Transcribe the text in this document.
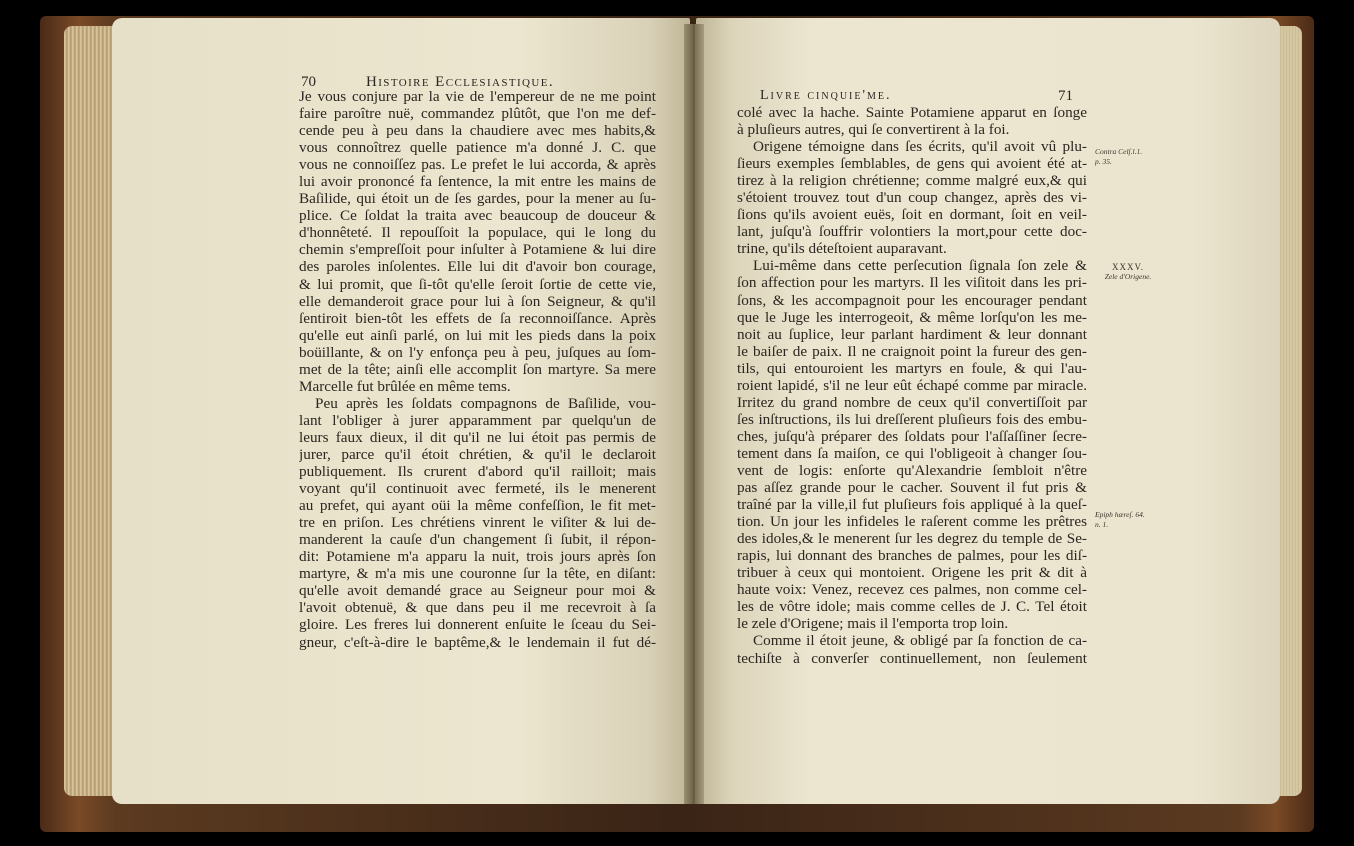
70	Histoire Ecclesiastique.
Je vous conjure par la vie de l'empereur de ne me point
faire paroître nuë, commandez plûtôt, que l'on me def-
cende peu à peu dans la chaudiere avec mes habits,&
vous connoîtrez quelle patience m'a donné J. C. que
vous ne connoiſſez pas. Le prefet le lui accorda, & après
lui avoir prononcé fa ſentence, la mit entre les mains de
Baſilide, qui étoit un de ſes gardes, pour la mener au ſu-
plice. Ce ſoldat la traita avec beaucoup de douceur &
d'honnêteté. Il repouſſoit la populace, qui le long du
chemin s'empreſſoit pour inſulter à Potamiene & lui dire
des paroles inſolentes. Elle lui dit d'avoir bon courage,
& lui promit, que ſi-tôt qu'elle ſeroit ſortie de cette vie,
elle demanderoit grace pour lui à ſon Seigneur, & qu'il
ſentiroit bien-tôt les effets de ſa reconnoiſſance. Après
qu'elle eut ainſi parlé, on lui mit les pieds dans la poix
boüillante, & on l'y enfonça peu à peu, juſques au ſom-
met de la tête; ainſi elle accomplit ſon martyre. Sa mere
Marcelle fut brûlée en même tems.
Peu après les ſoldats compagnons de Baſilide, vou-
lant l'obliger à jurer apparamment par quelqu'un de
leurs faux dieux, il dit qu'il ne lui étoit pas permis de
jurer, parce qu'il étoit chrétien, & qu'il le declaroit
publiquement. Ils crurent d'abord qu'il railloit; mais
voyant qu'il continuoit avec fermeté, ils le menerent
au prefet, qui ayant oüi la même confeſſion, le fit met-
tre en priſon. Les chrétiens vinrent le viſiter & lui de-
manderent la cauſe d'un changement ſi ſubit, il répon-
dit: Potamiene m'a apparu la nuit, trois jours après ſon
martyre, & m'a mis une couronne ſur la tête, en diſant:
qu'elle avoit demandé grace au Seigneur pour moi &
l'avoit obtenuë, & que dans peu il me recevroit à ſa
gloire. Les freres lui donnerent enſuite le ſceau du Sei-
gneur, c'eſt-à-dire le baptême,& le lendemain il fut dé-
Livre cinquie'me.	71
colé avec la hache. Sainte Potamiene apparut en ſonge
à pluſieurs autres, qui ſe convertirent à la foi.
Origene témoigne dans ſes écrits, qu'il avoit vû plu-
ſieurs exemples ſemblables, de gens qui avoient été at-
tirez à la religion chrétienne; comme malgré eux,& qui
s'étoient trouvez tout d'un coup changez, après des vi-
ſions qu'ils avoient euës, ſoit en dormant, ſoit en veil-
lant, juſqu'à ſouffrir volontiers la mort,pour cette doc-
trine, qu'ils déteſtoient auparavant.
Lui-même dans cette perſecution ſignala ſon zele &
ſon affection pour les martyrs. Il les viſitoit dans les pri-
ſons, & les accompagnoit pour les encourager pendant
que le Juge les interrogeoit, & même lorſqu'on les me-
noit au ſuplice, leur parlant hardiment & leur donnant
le baiſer de paix. Il ne craignoit point la fureur des gen-
tils, qui entouroient les martyrs en foule, & qui l'au-
roient lapidé, s'il ne leur eût échapé comme par miracle.
Irritez du grand nombre de ceux qu'il convertiſſoit par
ſes inſtructions, ils lui dreſſerent pluſieurs fois des embu-
ches, juſqu'à préparer des ſoldats pour l'aſſaſſiner ſecre-
tement dans ſa maiſon, ce qui l'obligeoit à changer ſou-
vent de logis: enſorte qu'Alexandrie ſembloit n'être
pas aſſez grande pour le cacher. Souvent il fut pris &
traîné par la ville,il fut pluſieurs fois appliqué à la queſ-
tion. Un jour les infideles le raſerent comme les prêtres
des idoles,& le menerent ſur les degrez du temple de Se-
rapis, lui donnant des branches de palmes, pour les diſ-
tribuer à ceux qui montoient. Origene les prit & dit à
haute voix: Venez, recevez ces palmes, non comme cel-
les de vôtre idole; mais comme celles de J. C. Tel étoit
le zele d'Origene; mais il l'emporta trop loin.
Comme il étoit jeune, & obligé par ſa fonction de ca-
techiſte à converſer continuellement, non ſeulement
Contra Celſ.l.1.
p. 35.
XXXV.
Zele d'Origene.
Epiph hæreſ. 64.
n. 1.
